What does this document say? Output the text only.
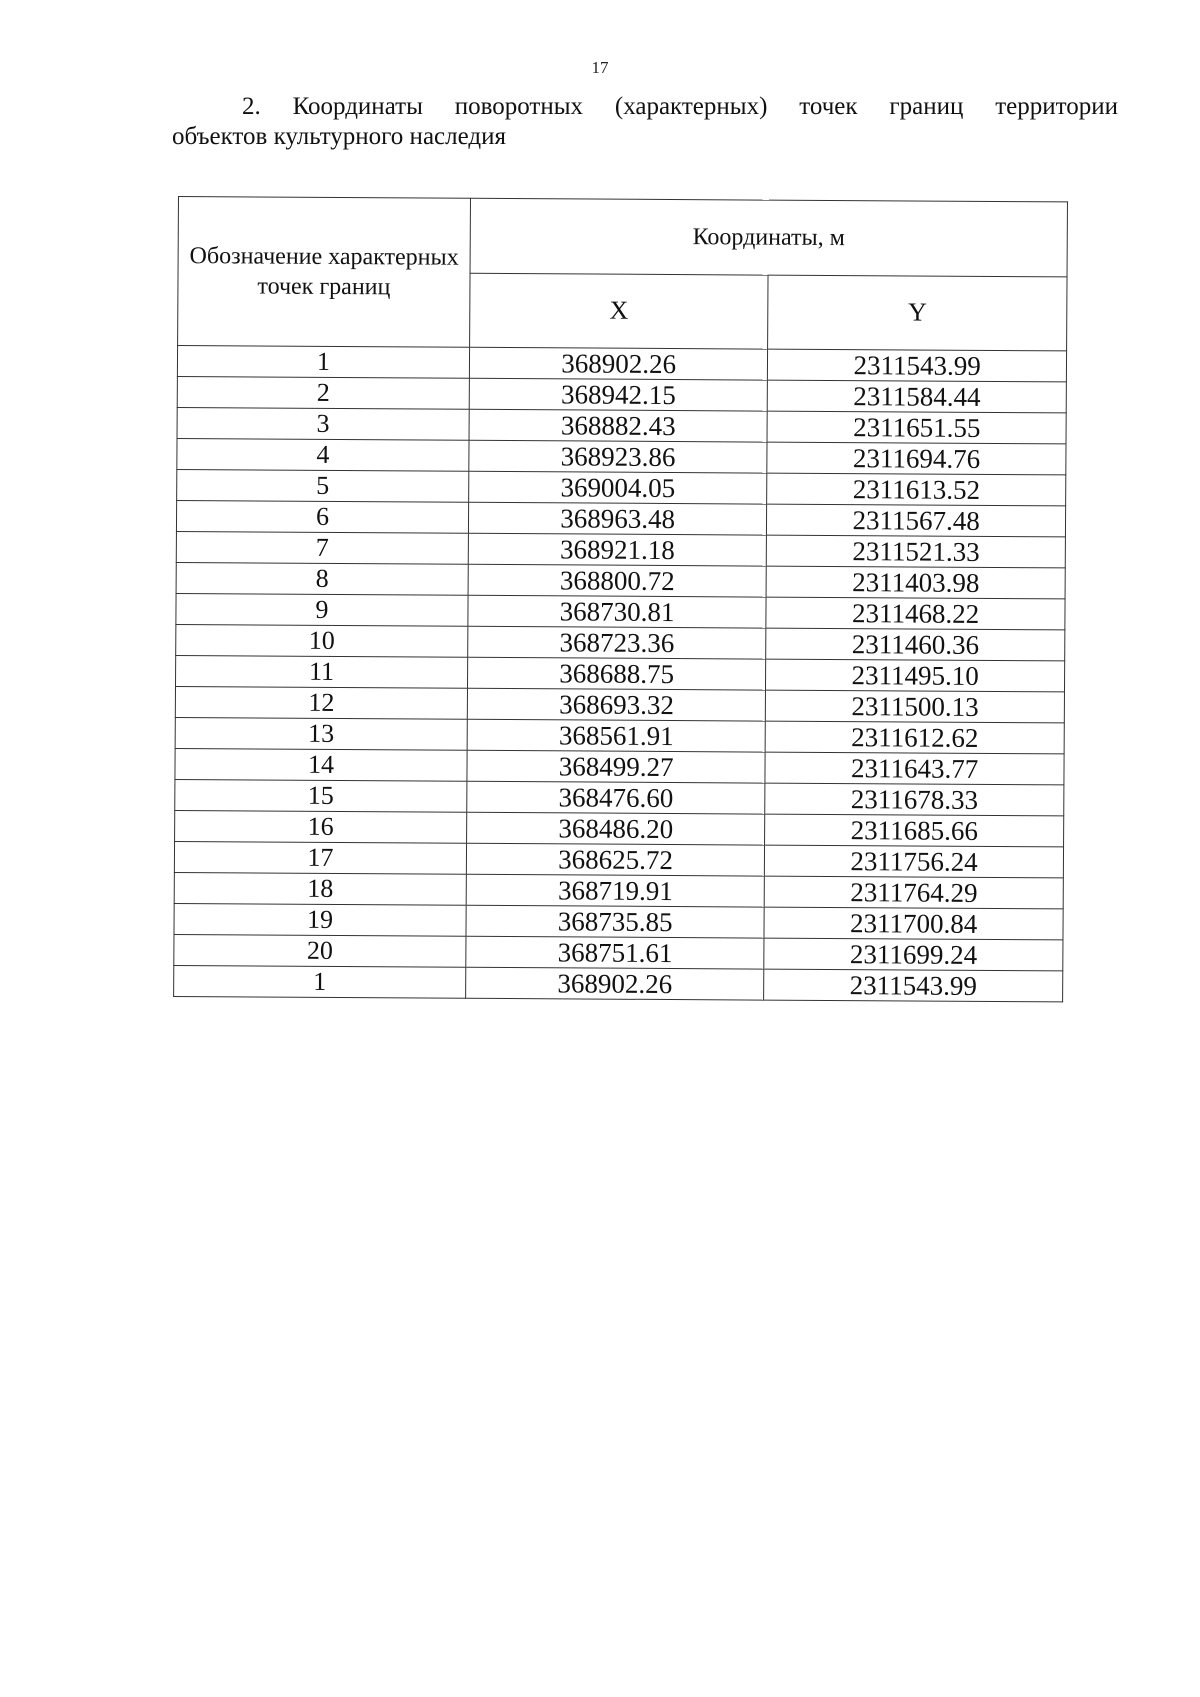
17
2. Координаты поворотных (характерных) точек границ территории
объектов культурного наследия
Обозначение характерных точек границ	Координаты, м	
	X	Y
1	368902.26	2311543.99
2	368942.15	2311584.44
3	368882.43	2311651.55
4	368923.86	2311694.76
5	369004.05	2311613.52
6	368963.48	2311567.48
7	368921.18	2311521.33
8	368800.72	2311403.98
9	368730.81	2311468.22
10	368723.36	2311460.36
11	368688.75	2311495.10
12	368693.32	2311500.13
13	368561.91	2311612.62
14	368499.27	2311643.77
15	368476.60	2311678.33
16	368486.20	2311685.66
17	368625.72	2311756.24
18	368719.91	2311764.29
19	368735.85	2311700.84
20	368751.61	2311699.24
1	368902.26	2311543.99
